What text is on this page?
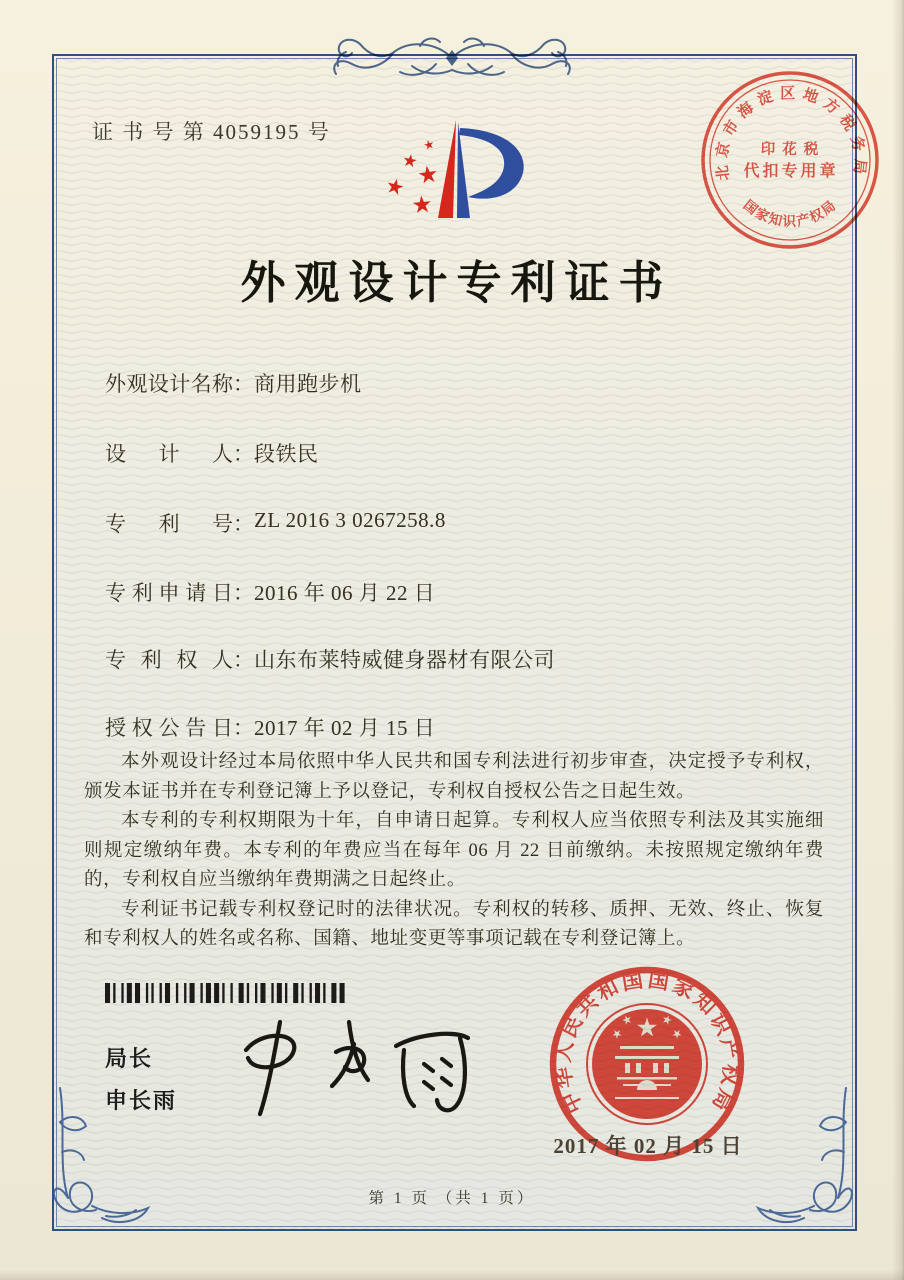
证 书 号 第 4059195 号
外观设计专利证书
外观设计名称：商用跑步机
设计人：段铁民
专利号：ZL 2016 3 0267258.8
专利申请日：2016 年 06 月 22 日
专利权人：山东布莱特威健身器材有限公司
授权公告日：2017 年 02 月 15 日

本外观设计经过本局依照中华人民共和国专利法进行初步审查，决定授予专利权，颁发本证书并在专利登记簿上予以登记，专利权自授权公告之日起生效。

本专利的专利权期限为十年，自申请日起算。专利权人应当依照专利法及其实施细则规定缴纳年费。本专利的年费应当在每年 06 月 22 日前缴纳。未按照规定缴纳年费的，专利权自应当缴纳年费期满之日起终止。

专利证书记载专利权登记时的法律状况。专利权的转移、质押、无效、终止、恢复和专利权人的姓名或名称、国籍、地址变更等事项记载在专利登记簿上。

局长
申长雨	中华人民共和国国家知识产权局
2017 年 02 月 15 日
北京市海淀区地方税务局
国家知识产权局
印花税
代扣专用章
第 1 页 （共 1 页）
